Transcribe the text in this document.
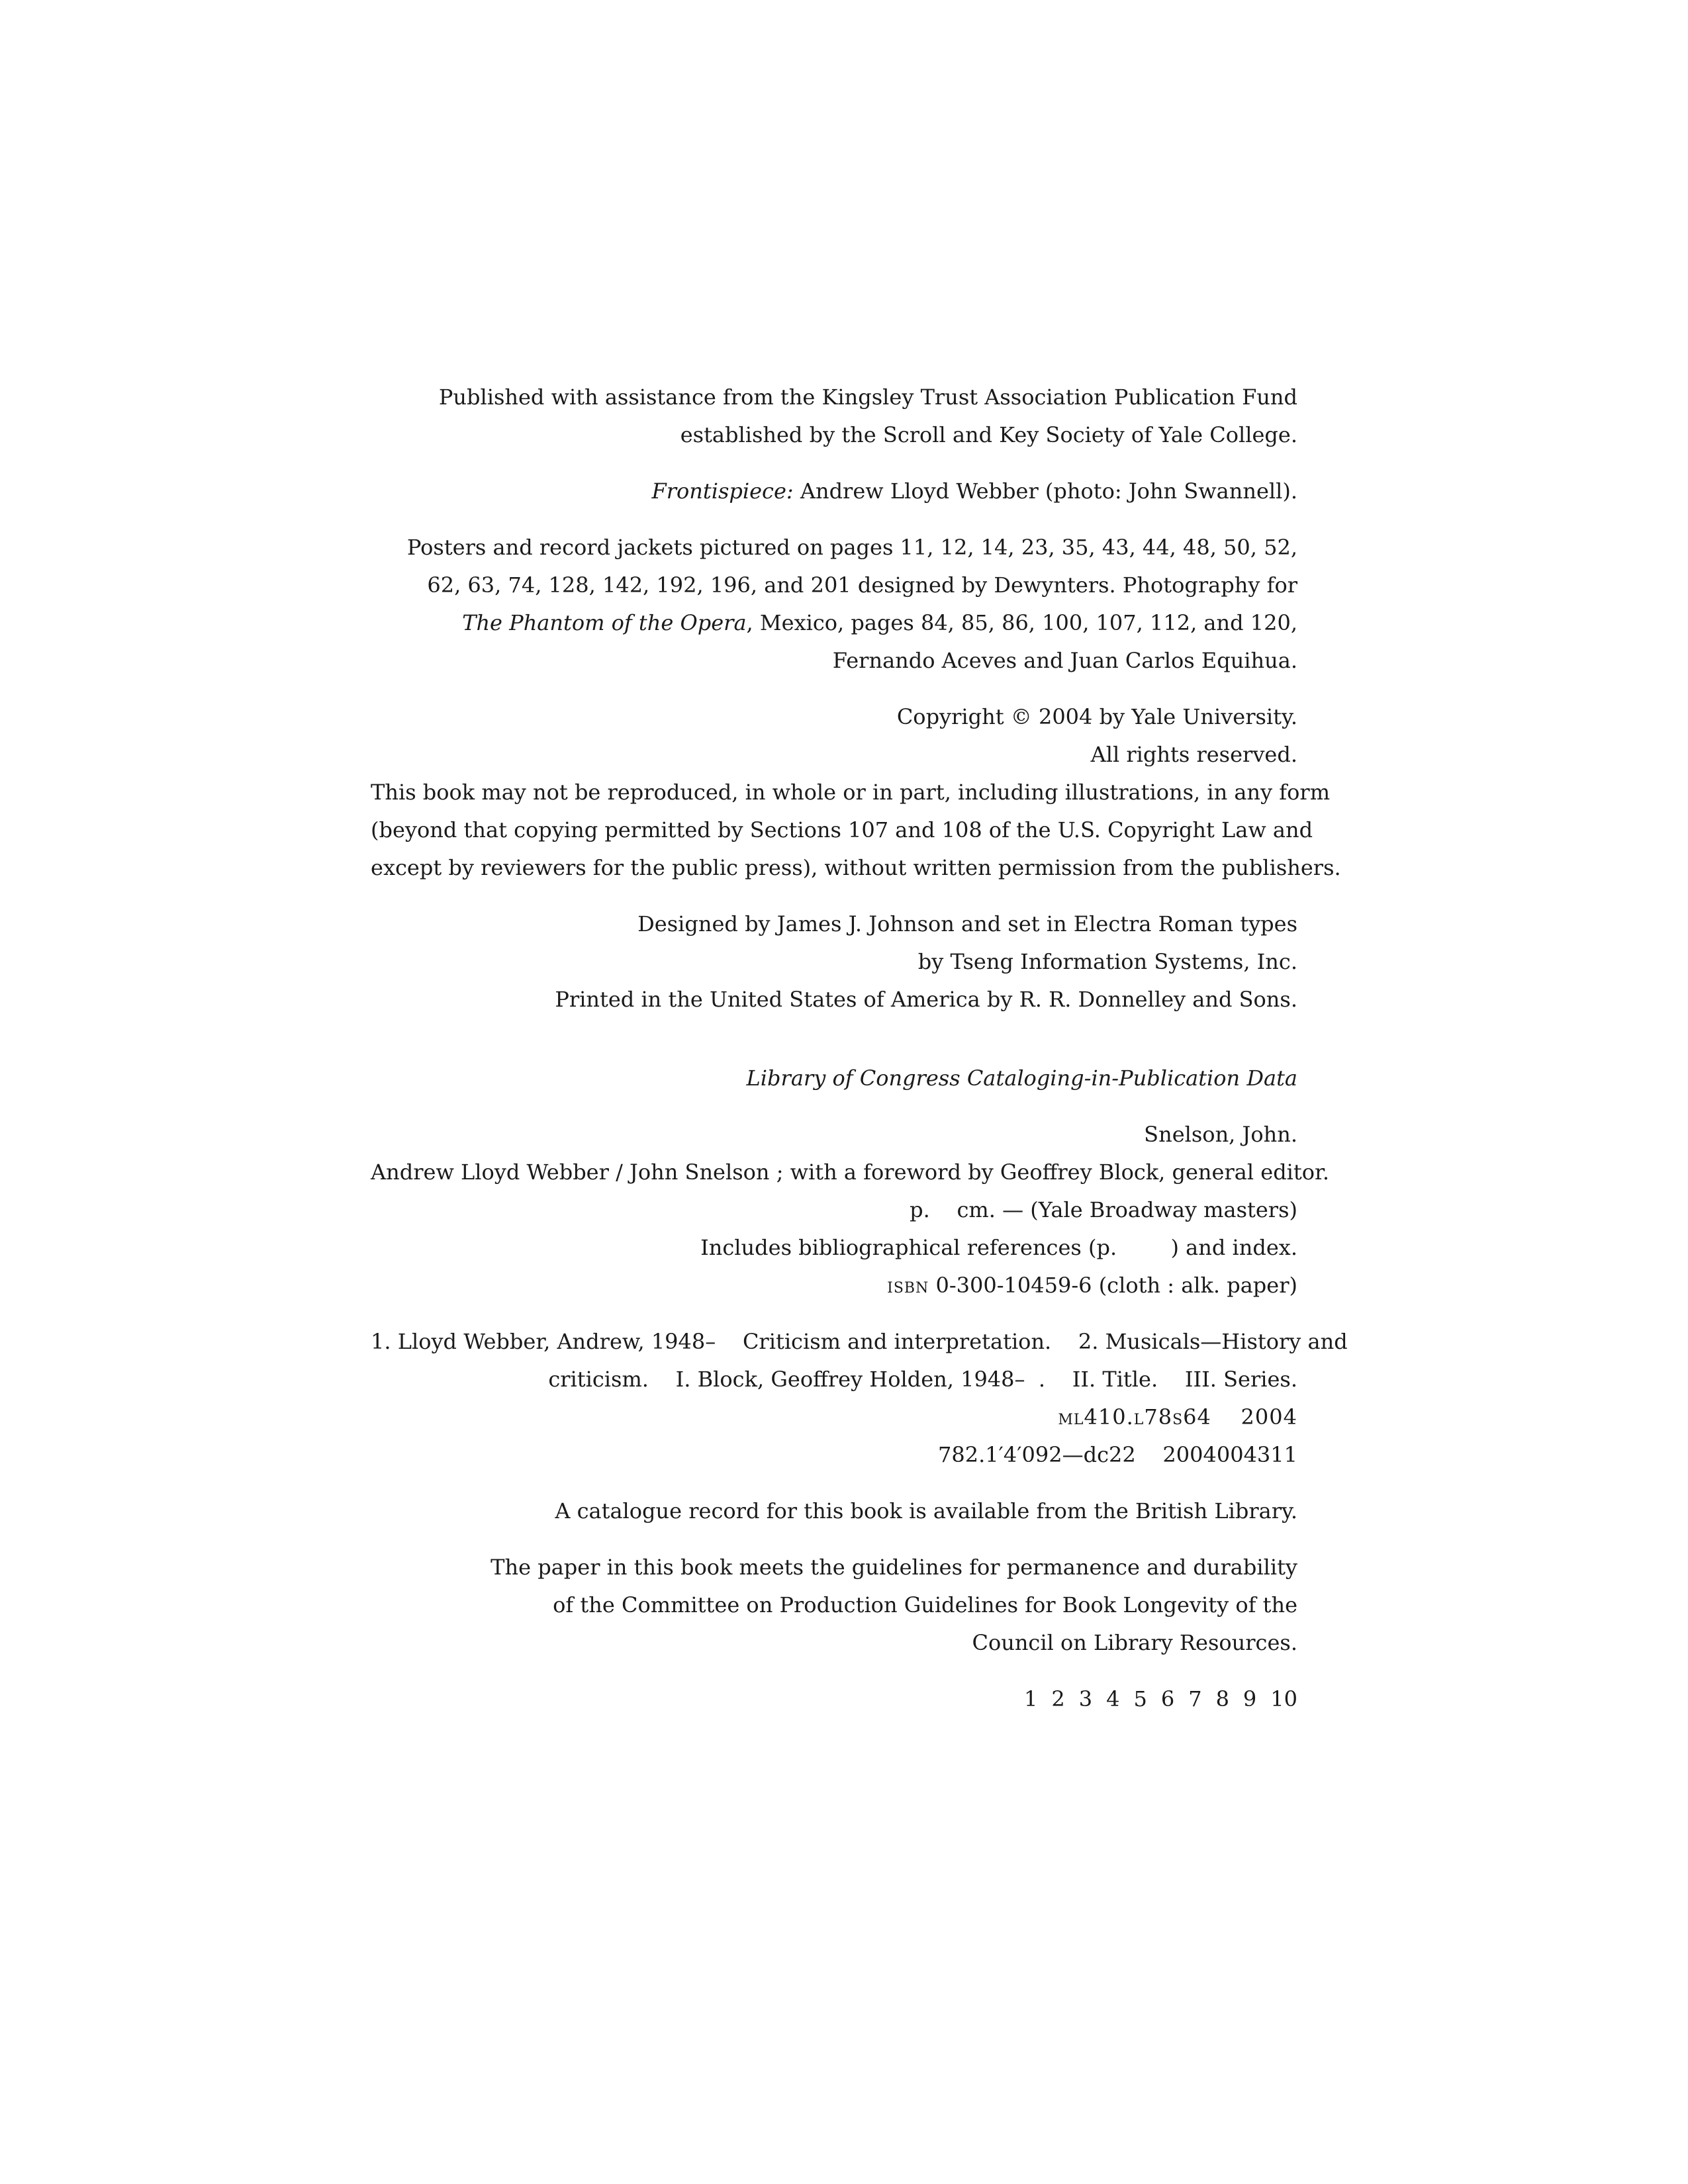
Published with assistance from the Kingsley Trust Association Publication Fund
established by the Scroll and Key Society of Yale College.
Frontispiece: Andrew Lloyd Webber (photo: John Swannell).
Posters and record jackets pictured on pages 11, 12, 14, 23, 35, 43, 44, 48, 50, 52,
62, 63, 74, 128, 142, 192, 196, and 201 designed by Dewynters. Photography for
The Phantom of the Opera, Mexico, pages 84, 85, 86, 100, 107, 112, and 120,
Fernando Aceves and Juan Carlos Equihua.
Copyright © 2004 by Yale University.
All rights reserved.
This book may not be reproduced, in whole or in part, including illustrations, in any form
(beyond that copying permitted by Sections 107 and 108 of the U.S. Copyright Law and
except by reviewers for the public press), without written permission from the publishers.
Designed by James J. Johnson and set in Electra Roman types
by Tseng Information Systems, Inc.
Printed in the United States of America by R. R. Donnelley and Sons.
Library of Congress Cataloging-in-Publication Data
Snelson, John.
Andrew Lloyd Webber / John Snelson ; with a foreword by Geoffrey Block, general editor.
p.    cm. — (Yale Broadway masters)
Includes bibliographical references (p.        ) and index.
isbn 0-300-10459-6 (cloth : alk. paper)
1. Lloyd Webber, Andrew, 1948–    Criticism and interpretation.    2. Musicals—History and
criticism.    I. Block, Geoffrey Holden, 1948–  .    II. Title.    III. Series.
ml410.l78s64    2004
782.1′4′092—dc22    2004004311
A catalogue record for this book is available from the British Library.
The paper in this book meets the guidelines for permanence and durability
of the Committee on Production Guidelines for Book Longevity of the
Council on Library Resources.
1 2 3 4 5 6 7 8 9 10
